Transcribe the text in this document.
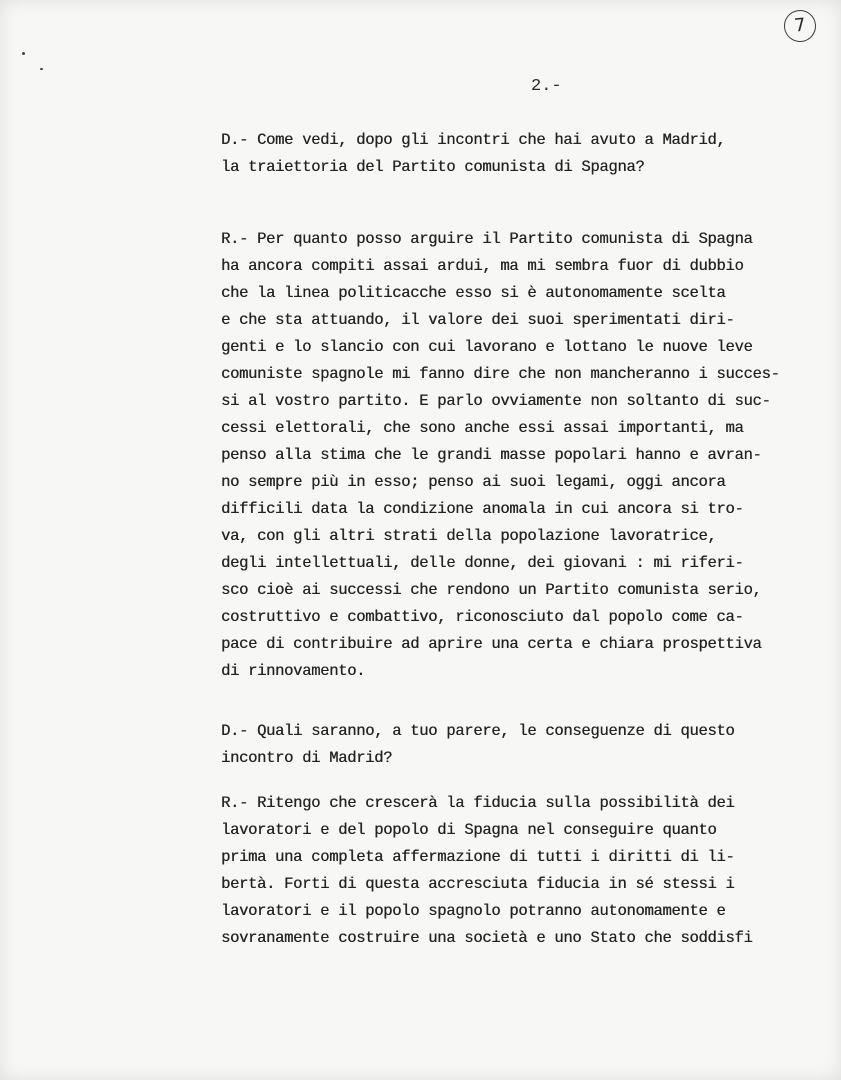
7
2.-
D.- Come vedi, dopo gli incontri che hai avuto a Madrid,
la traiettoria del Partito comunista di Spagna?
R.- Per quanto posso arguire il Partito comunista di Spagna
ha ancora compiti assai ardui, ma mi sembra fuor di dubbio
che la linea politicacche esso si è autonomamente scelta
e che sta attuando, il valore dei suoi sperimentati diri-
genti e lo slancio con cui lavorano e lottano le nuove leve
comuniste spagnole mi fanno dire che non mancheranno i succes-
si al vostro partito. E parlo ovviamente non soltanto di suc-
cessi elettorali, che sono anche essi assai importanti, ma
penso alla stima che le grandi masse popolari hanno e avran-
no sempre più in esso; penso ai suoi legami, oggi ancora
difficili data la condizione anomala in cui ancora si tro-
va, con gli altri strati della popolazione lavoratrice,
degli intellettuali, delle donne, dei giovani : mi riferi-
sco cioè ai successi che rendono un Partito comunista serio,
costruttivo e combattivo, riconosciuto dal popolo come ca-
pace di contribuire ad aprire una certa e chiara prospettiva
di rinnovamento.
D.- Quali saranno, a tuo parere, le conseguenze di questo
incontro di Madrid?
R.- Ritengo che crescerà la fiducia sulla possibilità dei
lavoratori e del popolo di Spagna nel conseguire quanto
prima una completa affermazione di tutti i diritti di li-
bertà. Forti di questa accresciuta fiducia in sé stessi i
lavoratori e il popolo spagnolo potranno autonomamente e
sovranamente costruire una società e uno Stato che soddisfi
